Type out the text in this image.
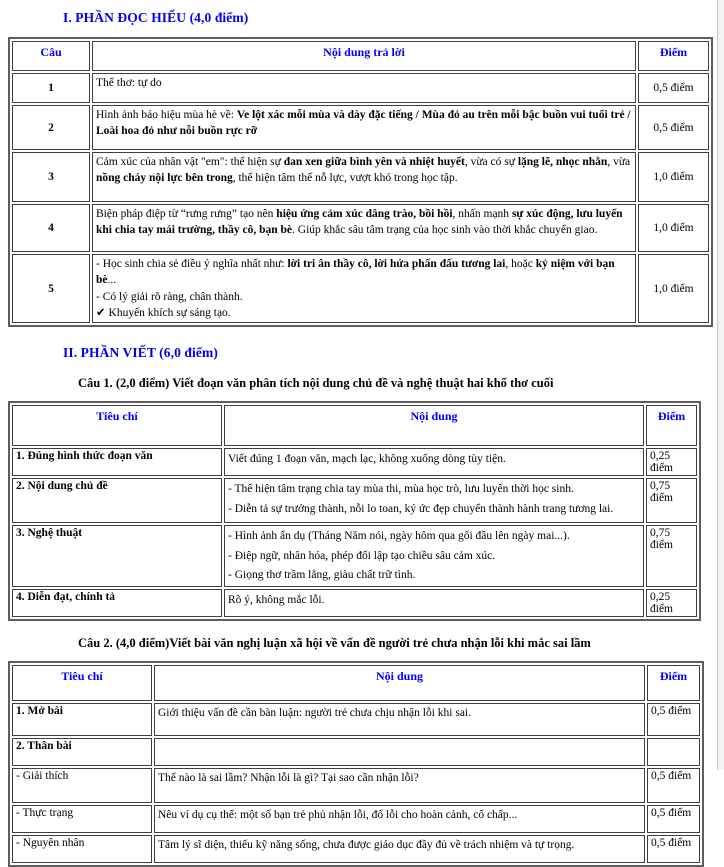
I. PHẦN ĐỌC HIỂU (4,0 điểm)
Câu	Nội dung trả lời	Điểm
1	Thể thơ: tự do	0,5 điểm
2	Hình ảnh báo hiệu mùa hè về: Ve lột xác mỗi mùa và dày đặc tiếng / Mùa đỏ au trên mỗi bậc buồn vui tuổi trẻ / Loài hoa đỏ như nỗi buồn rực rỡ	0,5 điểm
3	Cảm xúc của nhân vật "em": thể hiện sự đan xen giữa bình yên và nhiệt huyết, vừa có sự lặng lẽ, nhọc nhằn, vừa nồng cháy nội lực bên trong, thể hiện tâm thế nỗ lực, vượt khó trong học tập.	1,0 điểm
4	Biện pháp điệp từ “rưng rưng” tạo nên hiệu ứng cảm xúc dâng trào, bồi hồi, nhấn mạnh sự xúc động, lưu luyến khi chia tay mái trường, thầy cô, bạn bè. Giúp khắc sâu tâm trạng của học sinh vào thời khắc chuyển giao.	1,0 điểm
5	- Học sinh chia sẻ điều ý nghĩa nhất như: lời tri ân thầy cô, lời hứa phấn đấu tương lai, hoặc kỷ niệm với bạn bè...
- Có lý giải rõ ràng, chân thành.
✔ Khuyến khích sự sáng tạo.	1,0 điểm
II. PHẦN VIẾT (6,0 điểm)
Câu 1. (2,0 điểm) Viết đoạn văn phân tích nội dung chủ đề và nghệ thuật hai khổ thơ cuối
Tiêu chí	Nội dung	Điểm
1. Đúng hình thức đoạn văn	Viết đúng 1 đoạn văn, mạch lạc, không xuống dòng tùy tiện.	0,25 điểm
2. Nội dung chủ đề	- Thể hiện tâm trạng chia tay mùa thi, mùa học trò, lưu luyến thời học sinh.
- Diễn tả sự trưởng thành, nỗi lo toan, ký ức đẹp chuyển thành hành trang tương lai.	0,75 điểm
3. Nghệ thuật	- Hình ảnh ẩn dụ (Tháng Năm nói, ngày hôm qua gối đầu lên ngày mai...).
- Điệp ngữ, nhân hóa, phép đối lập tạo chiều sâu cảm xúc.
- Giọng thơ trầm lắng, giàu chất trữ tình.	0,75 điểm
4. Diễn đạt, chính tả	Rõ ý, không mắc lỗi.	0,25 điểm
Câu 2. (4,0 điểm)Viết bài văn nghị luận xã hội về vấn đề người trẻ chưa nhận lỗi khi mắc sai lầm
Tiêu chí	Nội dung	Điểm
1. Mở bài	Giới thiệu vấn đề cần bàn luận: người trẻ chưa chịu nhận lỗi khi sai.	0,5 điểm
2. Thân bài		
- Giải thích	Thế nào là sai lầm? Nhận lỗi là gì? Tại sao cần nhận lỗi?	0,5 điểm
- Thực trạng	Nêu ví dụ cụ thể: một số bạn trẻ phủ nhận lỗi, đổ lỗi cho hoàn cảnh, cố chấp...	0,5 điểm
- Nguyên nhân	Tâm lý sĩ diện, thiếu kỹ năng sống, chưa được giáo dục đầy đủ về trách nhiệm và tự trọng.	0,5 điểm
